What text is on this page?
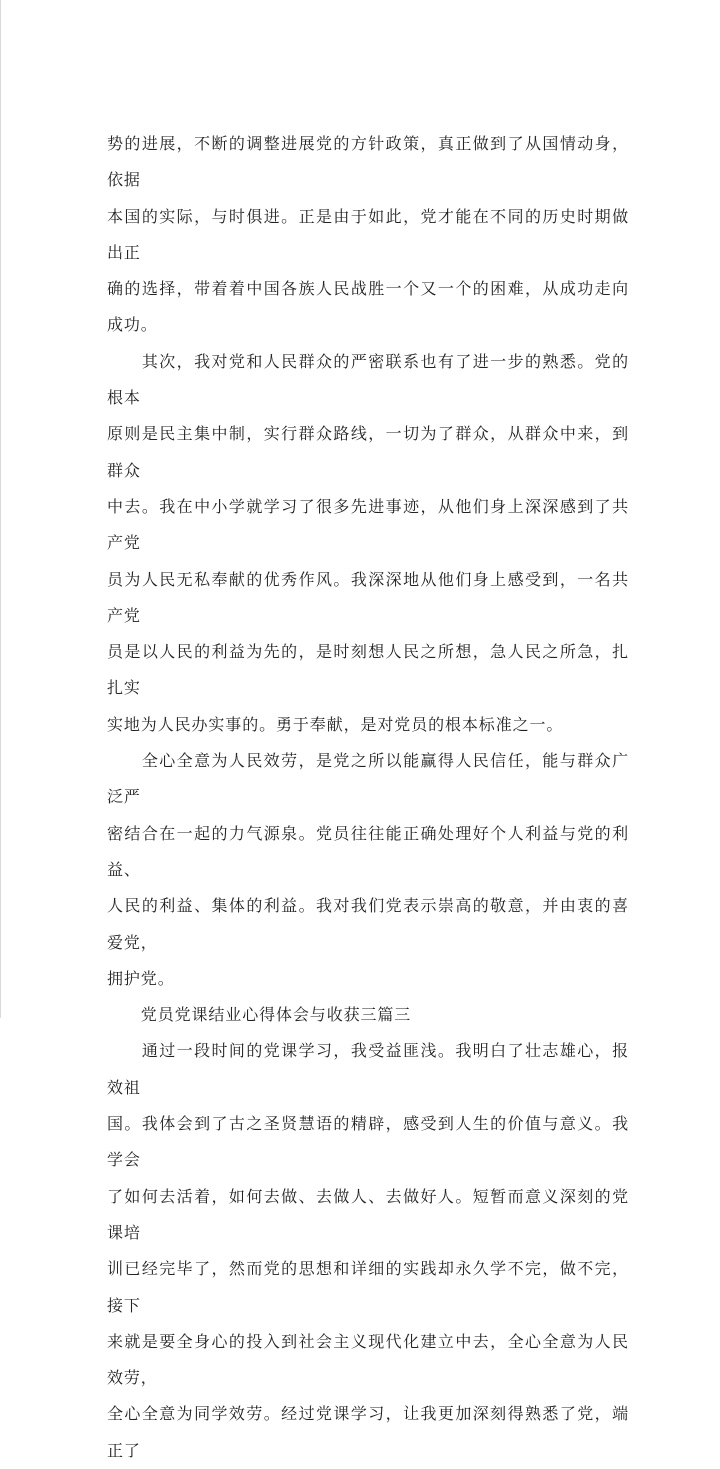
势的进展，不断的调整进展党的方针政策，真正做到了从国情动身，依据
本国的实际，与时俱进。正是由于如此，党才能在不同的历史时期做出正
确的选择，带着着中国各族人民战胜一个又一个的困难，从成功走向成功。

　　其次，我对党和人民群众的严密联系也有了进一步的熟悉。党的根本
原则是民主集中制，实行群众路线，一切为了群众，从群众中来，到群众
中去。我在中小学就学习了很多先进事迹，从他们身上深深感到了共产党
员为人民无私奉献的优秀作风。我深深地从他们身上感受到，一名共产党
员是以人民的利益为先的，是时刻想人民之所想，急人民之所急，扎扎实
实地为人民办实事的。勇于奉献，是对党员的根本标准之一。

　　全心全意为人民效劳，是党之所以能赢得人民信任，能与群众广泛严
密结合在一起的力气源泉。党员往往能正确处理好个人利益与党的利益、
人民的利益、集体的利益。我对我们党表示崇高的敬意，并由衷的喜爱党，
拥护党。

　　党员党课结业心得体会与收获三篇三

　　通过一段时间的党课学习，我受益匪浅。我明白了壮志雄心，报效祖
国。我体会到了古之圣贤慧语的精辟，感受到人生的价值与意义。我学会
了如何去活着，如何去做、去做人、去做好人。短暂而意义深刻的党课培
训已经完毕了，然而党的思想和详细的实践却永久学不完，做不完，接下
来就是要全身心的投入到社会主义现代化建立中去，全心全意为人民效劳，
全心全意为同学效劳。经过党课学习，让我更加深刻得熟悉了党，端正了
